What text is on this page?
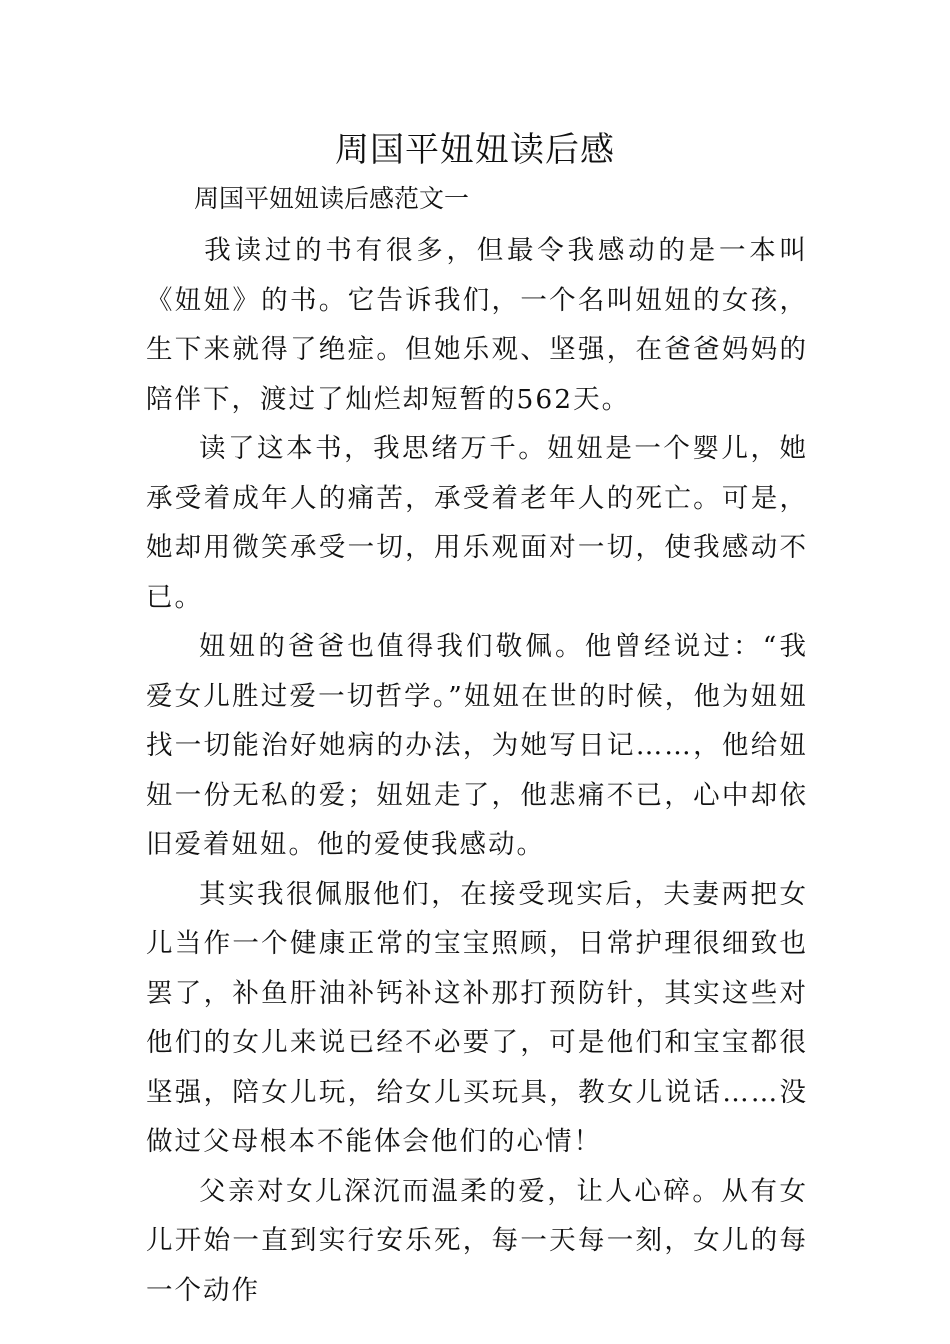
周国平妞妞读后感
周国平妞妞读后感范文一

我读过的书有很多，但最令我感动的是一本叫《妞妞》的书。它告诉我们，一个名叫妞妞的女孩，生下来就得了绝症。但她乐观、坚强，在爸爸妈妈的陪伴下，渡过了灿烂却短暂的562天。

读了这本书，我思绪万千。妞妞是一个婴儿，她承受着成年人的痛苦，承受着老年人的死亡。可是，她却用微笑承受一切，用乐观面对一切，使我感动不已。

妞妞的爸爸也值得我们敬佩。他曾经说过：“我爱女儿胜过爱一切哲学。”妞妞在世的时候，他为妞妞找一切能治好她病的办法，为她写日记……，他给妞妞一份无私的爱；妞妞走了，他悲痛不已，心中却依旧爱着妞妞。他的爱使我感动。

其实我很佩服他们，在接受现实后，夫妻两把女儿当作一个健康正常的宝宝照顾，日常护理很细致也罢了，补鱼肝油补钙补这补那打预防针，其实这些对他们的女儿来说已经不必要了，可是他们和宝宝都很坚强，陪女儿玩，给女儿买玩具，教女儿说话……没做过父母根本不能体会他们的心情！

父亲对女儿深沉而温柔的爱，让人心碎。从有女儿开始一直到实行安乐死，每一天每一刻，女儿的每一个动作
